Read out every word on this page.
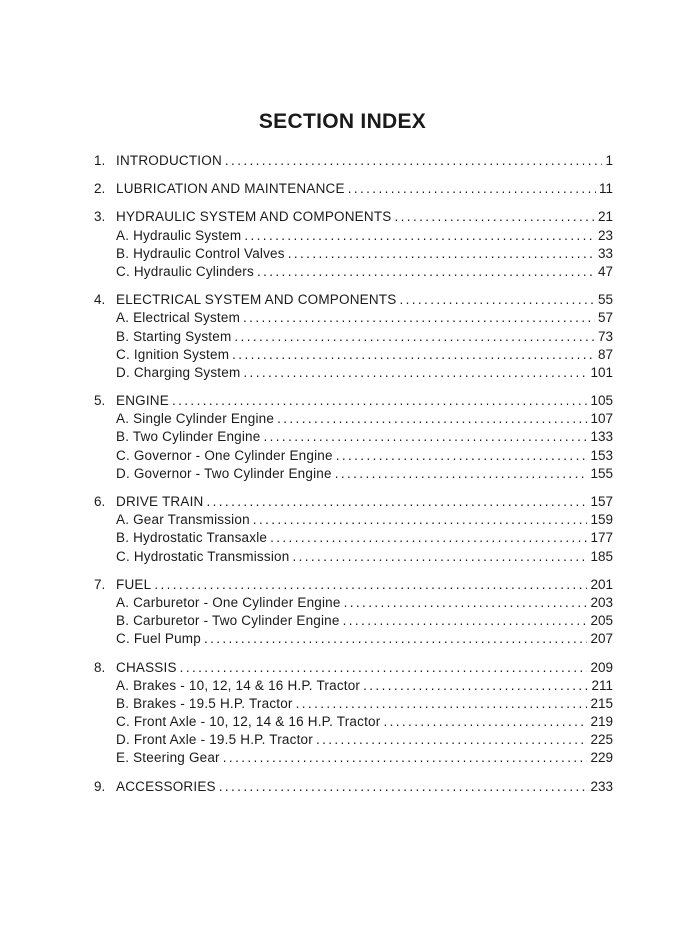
SECTION INDEX
1. INTRODUCTION .....	1
2. LUBRICATION AND MAINTENANCE .....	11
3. HYDRAULIC SYSTEM AND COMPONENTS .....	21
A. Hydraulic System .....	23
B. Hydraulic Control Valves .....	33
C. Hydraulic Cylinders .....	47
4. ELECTRICAL SYSTEM AND COMPONENTS .....	55
A. Electrical System .....	57
B. Starting System .....	73
C. Ignition System .....	87
D. Charging System .....	101
5. ENGINE .....	105
A. Single Cylinder Engine .....	107
B. Two Cylinder Engine .....	133
C. Governor - One Cylinder Engine .....	153
D. Governor - Two Cylinder Engine .....	155
6. DRIVE TRAIN .....	157
A. Gear Transmission .....	159
B. Hydrostatic Transaxle .....	177
C. Hydrostatic Transmission .....	185
7. FUEL .....	201
A. Carburetor - One Cylinder Engine .....	203
B. Carburetor - Two Cylinder Engine .....	205
C. Fuel Pump .....	207
8. CHASSIS .....	209
A. Brakes - 10, 12, 14 & 16 H.P. Tractor .....	211
B. Brakes - 19.5 H.P. Tractor .....	215
C. Front Axle - 10, 12, 14 & 16 H.P. Tractor .....	219
D. Front Axle - 19.5 H.P. Tractor .....	225
E. Steering Gear .....	229
9. ACCESSORIES .....	233
